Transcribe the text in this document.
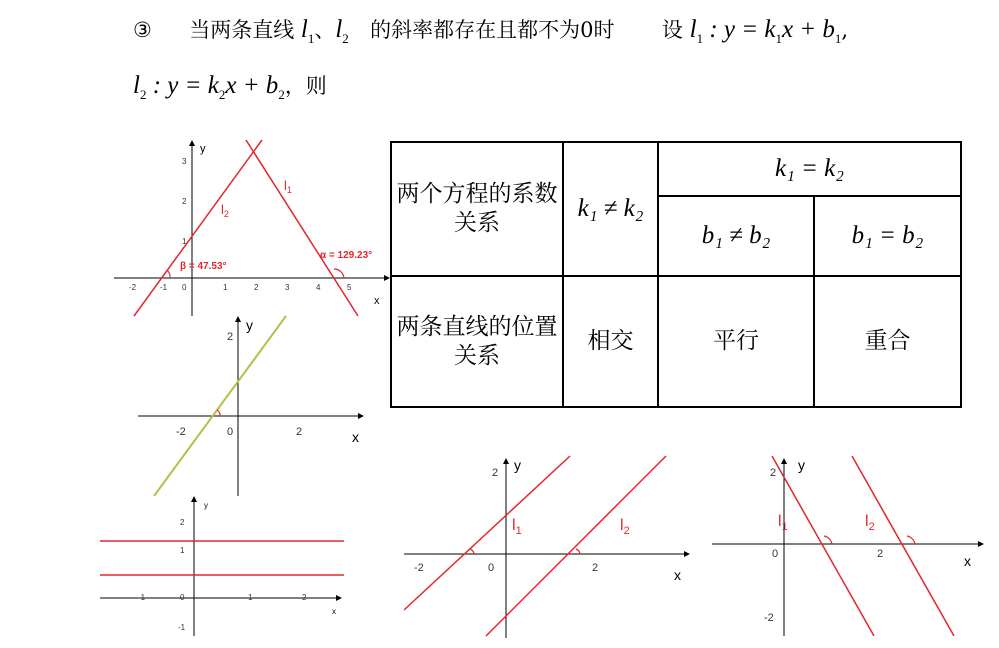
③ 当两条直线 $l_1$、$l_2$ 的斜率都存在且都不为0时 设 $l_1$ : $y = k_1x + b_1$,
$l_2$ : $y = k_2x + b_2$，则
两个方程的系数关系	k₁ ≠ k₂	k₁ = k₂	
		b₁ ≠ b₂	b₁ = b₂
两条直线的位置关系	相交	平行	重合
x
y
-2	-1 0	1	2	3	4	5
1
2
3
$l_2$
$l_1$
β = 47.53°
α = 129.23°
x
y
-2	0	2
2
x
y
-1	0	1	2
2
1
-1
x
y
-2	0	2
2
$l_1$	$l_2$
x
y
0	2
2
-2
$l_1$	$l_2$
